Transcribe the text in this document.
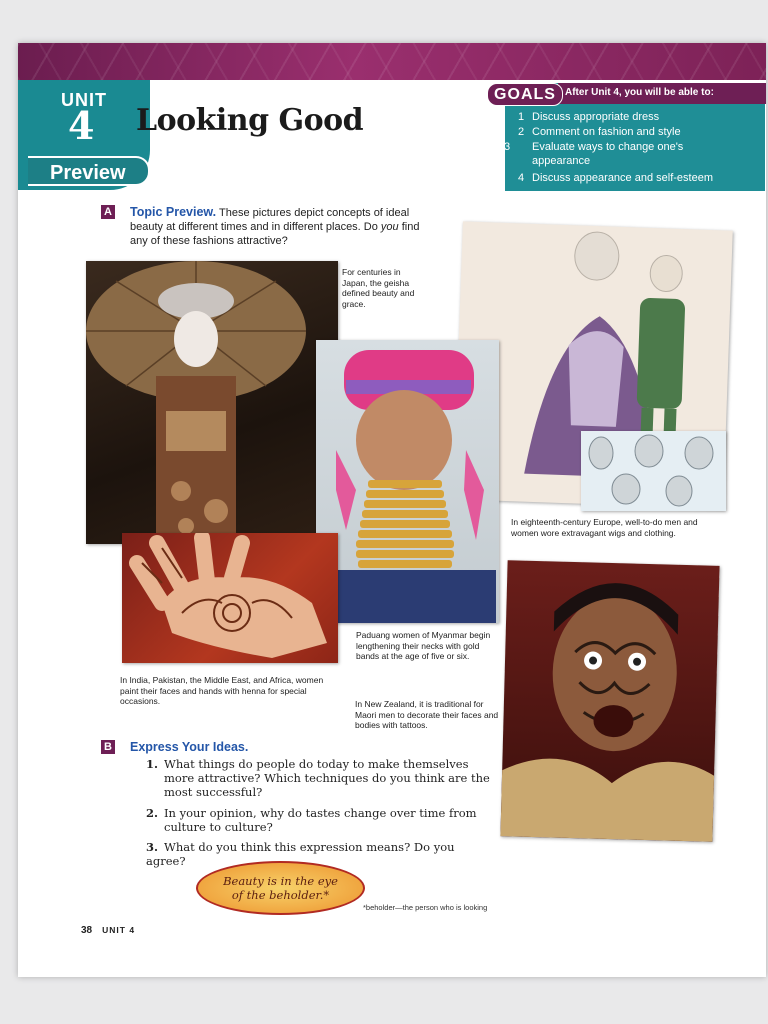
UNIT
4
Preview
Looking Good
GOALS After Unit 4, you will be able to:
1 Discuss appropriate dress
2 Comment on fashion and style
3 Evaluate ways to change one's appearance
4 Discuss appearance and self-esteem
A Topic Preview. These pictures depict concepts of ideal
beauty at different times and in different places. Do you find
any of these fashions attractive?
For centuries in Japan, the geisha defined beauty and grace.
In eighteenth-century Europe, well-to-do men and women wore extravagant wigs and clothing.
Paduang women of Myanmar begin lengthening their necks with gold bands at the age of five or six.
In India, Pakistan, the Middle East, and Africa, women paint their faces and hands with henna for special occasions.	In New Zealand, it is traditional for Maori men to decorate their faces and bodies with tattoos.
B Express Your Ideas.
1. What things do people do today to make themselves
more attractive? Which techniques do you think are the
most successful?
2. In your opinion, why do tastes change over time from
culture to culture?
3. What do you think this expression means? Do you agree?
Beauty is in the eye
of the beholder.*
*beholder—the person who is looking
38 UNIT 4
